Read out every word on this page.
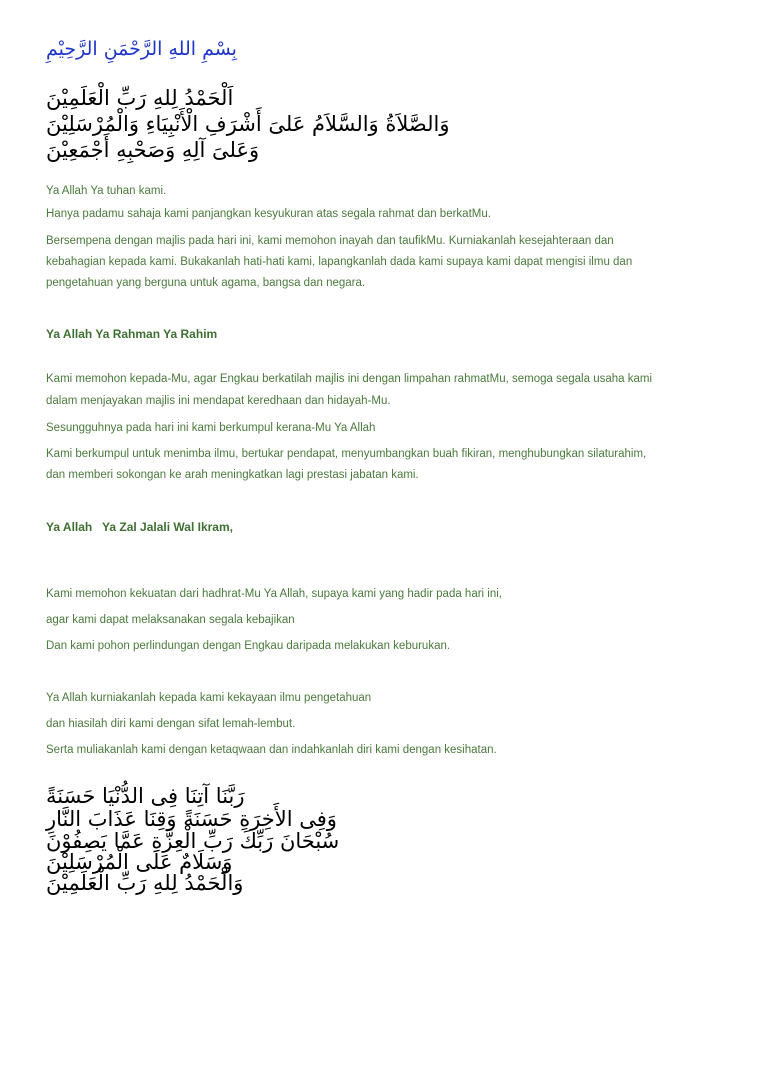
بِسْمِ اللهِ الرَّحْمَنِ الرَّحِيْمِ
اَلْحَمْدُ لِلهِ رَبِّ الْعَلَمِيْنَ
وَالصَّلاَةُ وَالسَّلاَمُ عَلىَ أَشْرَفِ الْأَنْبِيَاءِ وَالْمُرْسَلِيْنَ
وَعَلىَ آلِهِ وَصَحْبِهِ أَجْمَعِيْنَ

Ya Allah Ya tuhan kami.

Hanya padamu sahaja kami panjangkan kesyukuran atas segala rahmat dan berkatMu.

Bersempena dengan majlis pada hari ini, kami memohon inayah dan taufikMu. Kurniakanlah kesejahteraan dan

kebahagian kepada kami. Bukakanlah hati-hati kami, lapangkanlah dada kami supaya kami dapat mengisi ilmu dan

pengetahuan yang berguna untuk agama, bangsa dan negara.

Ya Allah Ya Rahman Ya Rahim

Kami memohon kepada-Mu, agar Engkau berkatilah majlis ini dengan limpahan rahmatMu, semoga segala usaha kami

dalam menjayakan majlis ini mendapat keredhaan dan hidayah-Mu.

Sesungguhnya pada hari ini kami berkumpul kerana-Mu Ya Allah

Kami berkumpul untuk menimba ilmu, bertukar pendapat, menyumbangkan buah fikiran, menghubungkan silaturahim,

dan memberi sokongan ke arah meningkatkan lagi prestasi jabatan kami.

Ya Allah   Ya Zal Jalali Wal Ikram,

Kami memohon kekuatan dari hadhrat-Mu Ya Allah, supaya kami yang hadir pada hari ini,

agar kami dapat melaksanakan segala kebajikan

Dan kami pohon perlindungan dengan Engkau daripada melakukan keburukan.

Ya Allah kurniakanlah kepada kami kekayaan ilmu pengetahuan

dan hiasilah diri kami dengan sifat lemah-lembut.

Serta muliakanlah kami dengan ketaqwaan dan indahkanlah diri kami dengan kesihatan.

رَبَّنَا آتِنَا فِى الدُّنْيَا حَسَنَةً
وَفِى الأَخِرَةِ حَسَنَةً وَقِنَا عَذَابَ النَّارِ
سُبْحَانَ رَبِّكَ رَبِّ الْعِزَّةِ عَمَّا يَصِفُوْنَ
وَسَلَامٌ عَلَى الْمُرْسَلِيْنَ
وَالْحَمْدُ لِلهِ رَبِّ الْعَلَمِيْنَ
